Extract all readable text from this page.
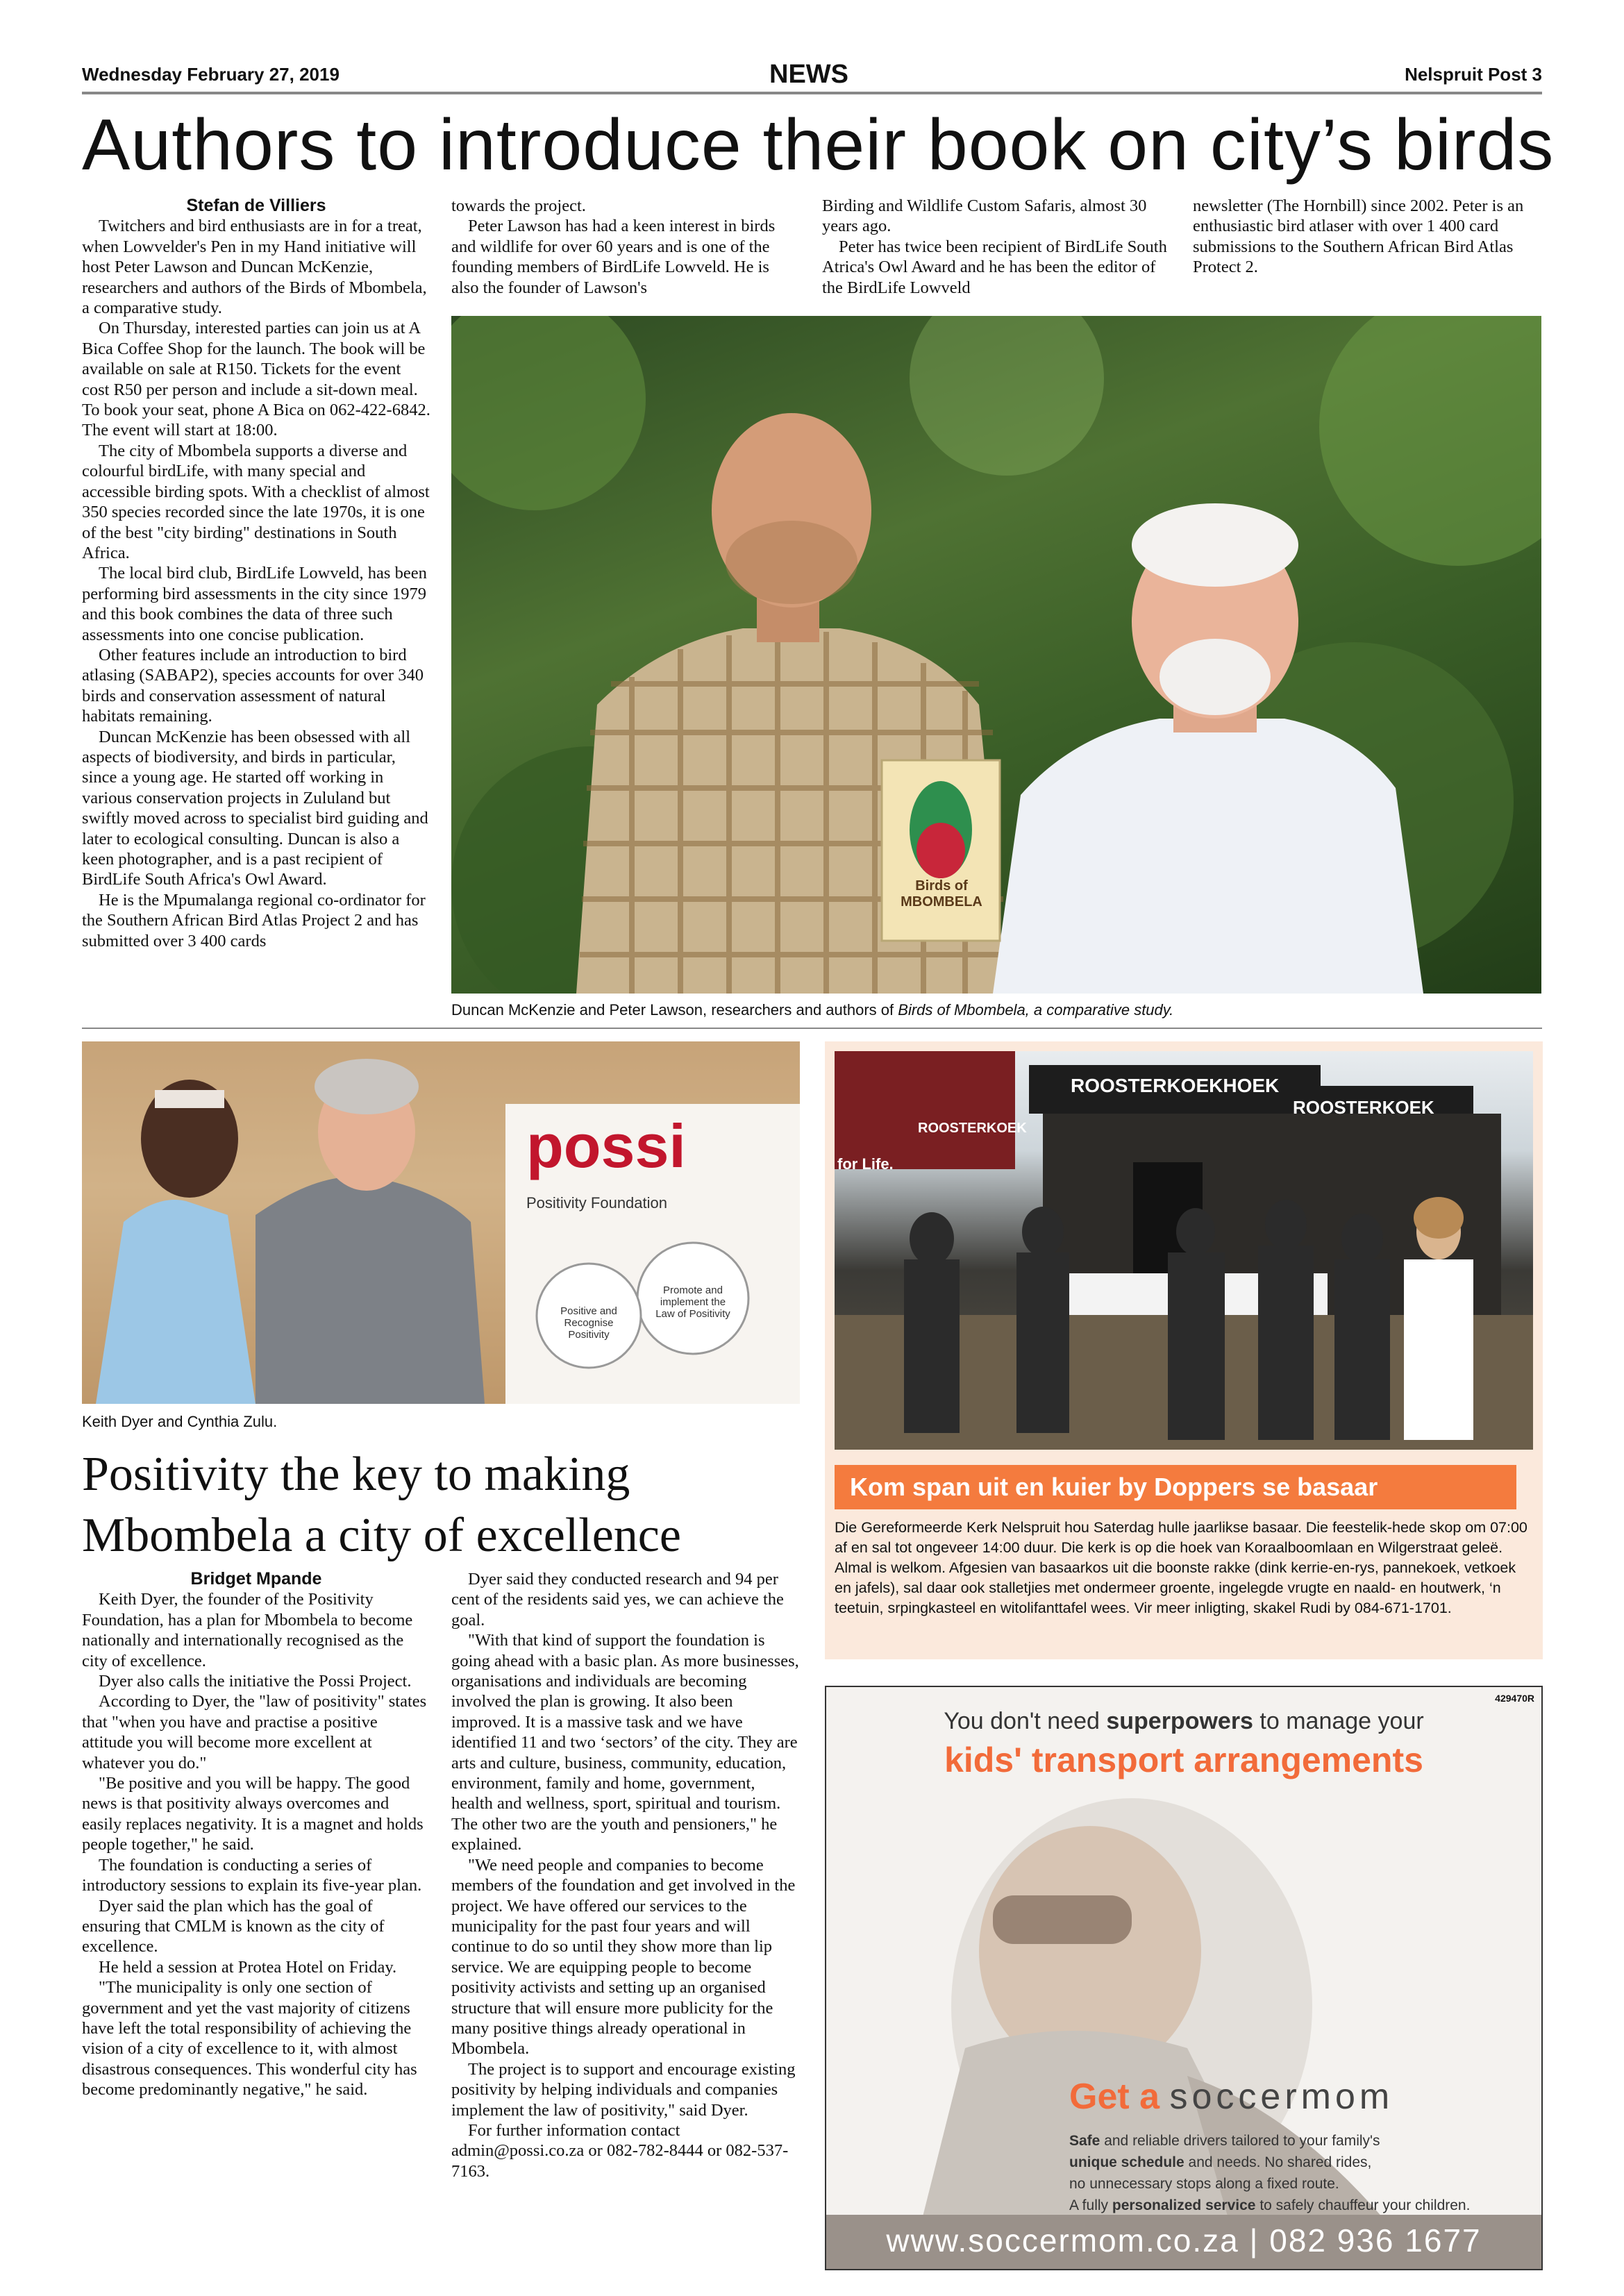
Wednesday February 27, 2019	NEWS	Nelspruit Post 3
Authors to introduce their book on city’s birds

Stefan de Villiers

Twitchers and bird enthusiasts are in for a treat, when Lowvelder's Pen in my Hand initiative will host Peter Lawson and Duncan McKenzie, researchers and authors of the Birds of Mbombela, a comparative study.

On Thursday, interested parties can join us at A Bica Coffee Shop for the launch. The book will be available on sale at R150. Tickets for the event cost R50 per person and include a sit-down meal. To book your seat, phone A Bica on 062-422-6842.

The event will start at 18:00.

The city of Mbombela supports a diverse and colourful birdLife, with many special and accessible birding spots. With a checklist of almost 350 species recorded since the late 1970s, it is one of the best "city birding" destinations in South Africa.

The local bird club, BirdLife Lowveld, has been performing bird assessments in the city since 1979 and this book combines the data of three such assessments into one concise publication.

Other features include an introduction to bird atlasing (SABAP2), species accounts for over 340 birds and conservation assessment of natural habitats remaining.

Duncan McKenzie has been obsessed with all aspects of biodiversity, and birds in particular, since a young age. He started off working in various conservation projects in Zululand but swiftly moved across to specialist bird guiding and later to ecological consulting. Duncan is also a keen photographer, and is a past recipient of BirdLife South Africa's Owl Award.

He is the Mpumalanga regional co-ordinator for the Southern African Bird Atlas Project 2 and has submitted over 3 400 cards

towards the project.

Peter Lawson has had a keen interest in birds and wildlife for over 60 years and is one of the founding members of BirdLife Lowveld. He is also the founder of Lawson's

Birding and Wildlife Custom Safaris, almost 30 years ago.

Peter has twice been recipient of BirdLife South Atrica's Owl Award and he has been the editor of the BirdLife Lowveld

newsletter (The Hornbill) since 2002. Peter is an enthusiastic bird atlaser with over 1 400 card submissions to the Southern African Bird Atlas Protect 2.

Birds of MBOMBELA
Duncan McKenzie and Peter Lawson, researchers and authors of Birds of Mbombela, a comparative study.
possi
Positivity Foundation
Positive and Recognise Positivity
Promote and implement the Law of Positivity
Keith Dyer and Cynthia Zulu.
Positivity the key to making Mbombela a city of excellence

Bridget Mpande

Keith Dyer, the founder of the Positivity Foundation, has a plan for Mbombela to become nationally and internationally recognised as the city of excellence.

Dyer also calls the initiative the Possi Project.

According to Dyer, the "law of positivity" states that "when you have and practise a positive attitude you will become more excellent at whatever you do."

"Be positive and you will be happy. The good news is that positivity always overcomes and easily replaces negativity. It is a magnet and holds people together," he said.

The foundation is conducting a series of introductory sessions to explain its five-year plan.

Dyer said the plan which has the goal of ensuring that CMLM is known as the city of excellence.

He held a session at Protea Hotel on Friday.

"The municipality is only one section of government and yet the vast majority of citizens have left the total responsibility of achieving the vision of a city of excellence to it, with almost disastrous consequences. This wonderful city has become predominantly negative," he said.

Dyer said they conducted research and 94 per cent of the residents said yes, we can achieve the goal.

"With that kind of support the foundation is going ahead with a basic plan. As more businesses, organisations and individuals are becoming involved the plan is growing. It also been improved. It is a massive task and we have identified 11 and two ‘sectors’ of the city. They are arts and culture, business, community, education, environment, family and home, government, health and wellness, sport, spiritual and tourism. The other two are the youth and pensioners," he explained.

"We need people and companies to become members of the foundation and get involved in the project. We have offered our services to the municipality for the past four years and will continue to do so until they show more than lip service. We are equipping people to become positivity activists and setting up an organised structure that will ensure more publicity for the many positive things already operational in Mbombela.

The project is to support and encourage existing positivity by helping individuals and companies implement the law of positivity," said Dyer.

For further information contact admin@possi.co.za or 082-782-8444 or 082-537-7163.

ROOSTERKOEKHOEK
ROOSTERKOEK
ROOSTERKOEK
for Life.
Kom span uit en kuier by Doppers se basaar
Die Gereformeerde Kerk Nelspruit hou Saterdag hulle jaarlikse basaar. Die feestelik-hede skop om 07:00 af en sal tot ongeveer 14:00 duur. Die kerk is op die hoek van Koraalboomlaan en Wilgerstraat geleë. Almal is welkom. Afgesien van basaarkos uit die boonste rakke (dink kerrie-en-rys, pannekoek, vetkoek en jafels), sal daar ook stalletjies met ondermeer groente, ingelegde vrugte en naald- en houtwerk, ‘n teetuin, srpingkasteel en witolifanttafel wees. Vir meer inligting, skakel Rudi by 084-671-1701.
429470R
You don't need superpowers to manage your
kids' transport arrangements
Get a soccermom
Safe and reliable drivers tailored to your family's
unique schedule and needs. No shared rides,
no unnecessary stops along a fixed route.
A fully personalized service to safely chauffeur your children.
www.soccermom.co.za | 082 936 1677
